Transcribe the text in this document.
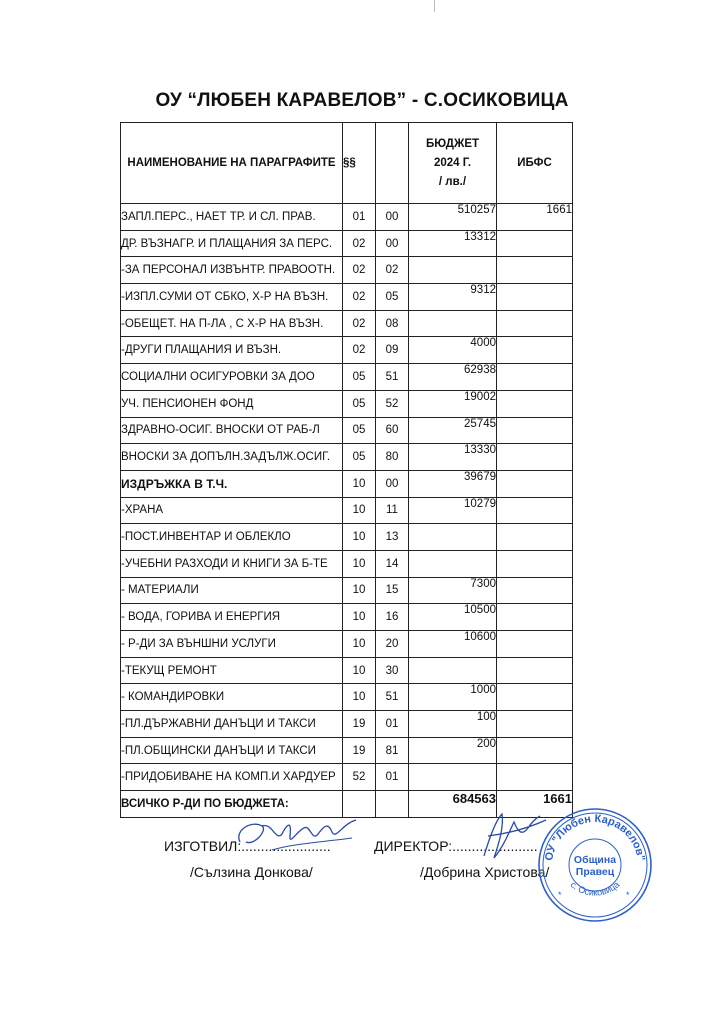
ОУ “ЛЮБЕН КАРАВЕЛОВ” - С.ОСИКОВИЦА
НАИМЕНОВАНИЕ НА ПАРАГРАФИТЕ	§§		БЮДЖЕТ
2024 Г.
/ лв./	ИБФС
ЗАПЛ.ПЕРС., НАЕТ ТР. И СЛ. ПРАВ.	01	00	510257	1661
ДР. ВЪЗНАГР. И ПЛАЩАНИЯ ЗА ПЕРС.	02	00	13312	
-ЗА ПЕРСОНАЛ ИЗВЪНТР. ПРАВООТН.	02	02		
-ИЗПЛ.СУМИ ОТ СБКО, Х-Р НА ВЪЗН.	02	05	9312	
-ОБЕЩЕТ. НА П-ЛА , С Х-Р НА ВЪЗН.	02	08		
-ДРУГИ ПЛАЩАНИЯ И ВЪЗН.	02	09	4000	
СОЦИАЛНИ ОСИГУРОВКИ ЗА ДОО	05	51	62938	
УЧ. ПЕНСИОНЕН ФОНД	05	52	19002	
ЗДРАВНО-ОСИГ. ВНОСКИ ОТ РАБ-Л	05	60	25745	
ВНОСКИ ЗА ДОПЪЛН.ЗАДЪЛЖ.ОСИГ.	05	80	13330	
ИЗДРЪЖКА В Т.Ч.	10	00	39679	
-ХРАНА	10	11	10279	
-ПОСТ.ИНВЕНТАР И ОБЛЕКЛО	10	13		
-УЧЕБНИ РАЗХОДИ И КНИГИ ЗА Б-ТЕ	10	14		
- МАТЕРИАЛИ	10	15	7300	
- ВОДА, ГОРИВА И ЕНЕРГИЯ	10	16	10500	
- Р-ДИ ЗА ВЪНШНИ УСЛУГИ	10	20	10600	
-ТЕКУЩ РЕМОНТ	10	30		
- КОМАНДИРОВКИ	10	51	1000	
-ПЛ.ДЪРЖАВНИ ДАНЪЦИ И ТАКСИ	19	01	100	
-ПЛ.ОБЩИНСКИ ДАНЪЦИ И ТАКСИ	19	81	200	
-ПРИДОБИВАНЕ НА КОМП.И ХАРДУЕР	52	01		
ВСИЧКО Р-ДИ ПО БЮДЖЕТА:			684563	1661
ИЗГОТВИЛ:.......................
/Сълзина Донкова/
ДИРЕКТОР:......................
/Добрина Христова/
ОУ "Любен Каравелов"
Община
Правец
с. Осиковица
*	*
